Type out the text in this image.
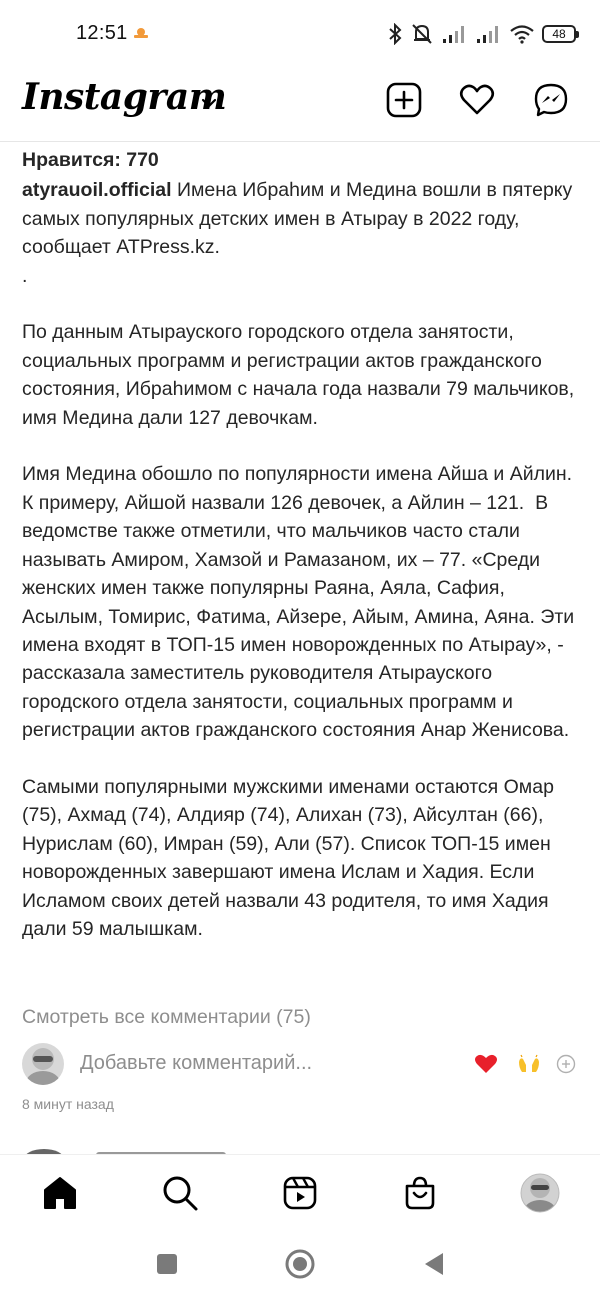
12:51	48
Instagram
Нравится: 770

atyrauoil.official Имена Ибраһим и Медина вошли в пятерку самых популярных детских имен в Атырау в 2022 году, сообщает ATPress.kz.
.

По данным Атырауского городского отдела занятости, социальных программ и регистрации актов гражданского состояния, Ибраһимом с начала года назвали 79 мальчиков, имя Медина дали 127 девочкам.

Имя Медина обошло по популярности имена Айша и Айлин. К примеру, Айшой назвали 126 девочек, а Айлин – 121.  В ведомстве также отметили, что мальчиков часто стали называть Амиром, Хамзой и Рамазаном, их – 77. «Среди женских имен также популярны Раяна, Аяла, Сафия, Асылым, Томирис, Фатима, Айзере, Айым, Амина, Аяна. Эти имена входят в ТОП-15 имен новорожденных по Атырау», - рассказала заместитель руководителя Атырауского городского отдела занятости, социальных программ и регистрации актов гражданского состояния Анар Женисова.

Самыми популярными мужскими именами остаются Омар (75), Ахмад (74), Алдияр (74), Алихан (73), Айсултан (66), Нурислам (60), Имран (59), Али (57). Список ТОП-15 имен новорожденных завершают имена Ислам и Хадия. Если Исламом своих детей назвали 43 родителя, то имя Хадия дали 59 малышкам.

Смотреть все комментарии (75)
Добавьте комментарий...
8 минут назад
